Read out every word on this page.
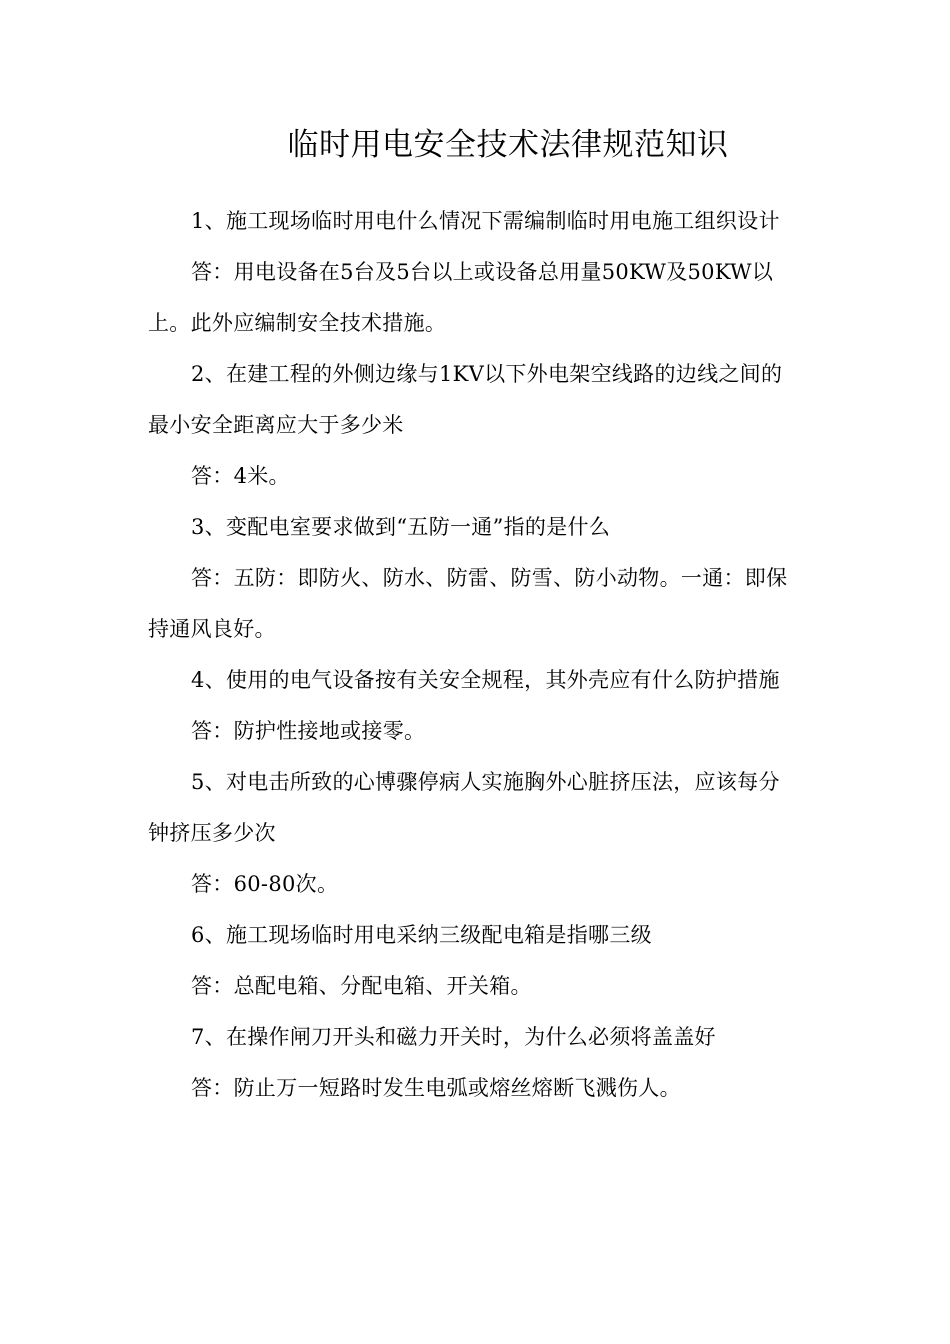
临时用电安全技术法律规范知识

1、施工现场临时用电什么情况下需编制临时用电施工组织设计

答：用电设备在5台及5台以上或设备总用量50KW及50KW以上。此外应编制安全技术措施。

2、在建工程的外侧边缘与1KV以下外电架空线路的边线之间的最小安全距离应大于多少米

答：4米。

3、变配电室要求做到“五防一通”指的是什么

答：五防：即防火、防水、防雷、防雪、防小动物。一通：即保持通风良好。

4、使用的电气设备按有关安全规程，其外壳应有什么防护措施

答：防护性接地或接零。

5、对电击所致的心博骤停病人实施胸外心脏挤压法，应该每分钟挤压多少次

答：60-80次。

6、施工现场临时用电采纳三级配电箱是指哪三级

答：总配电箱、分配电箱、开关箱。

7、在操作闸刀开头和磁力开关时，为什么必须将盖盖好

答：防止万一短路时发生电弧或熔丝熔断飞溅伤人。
